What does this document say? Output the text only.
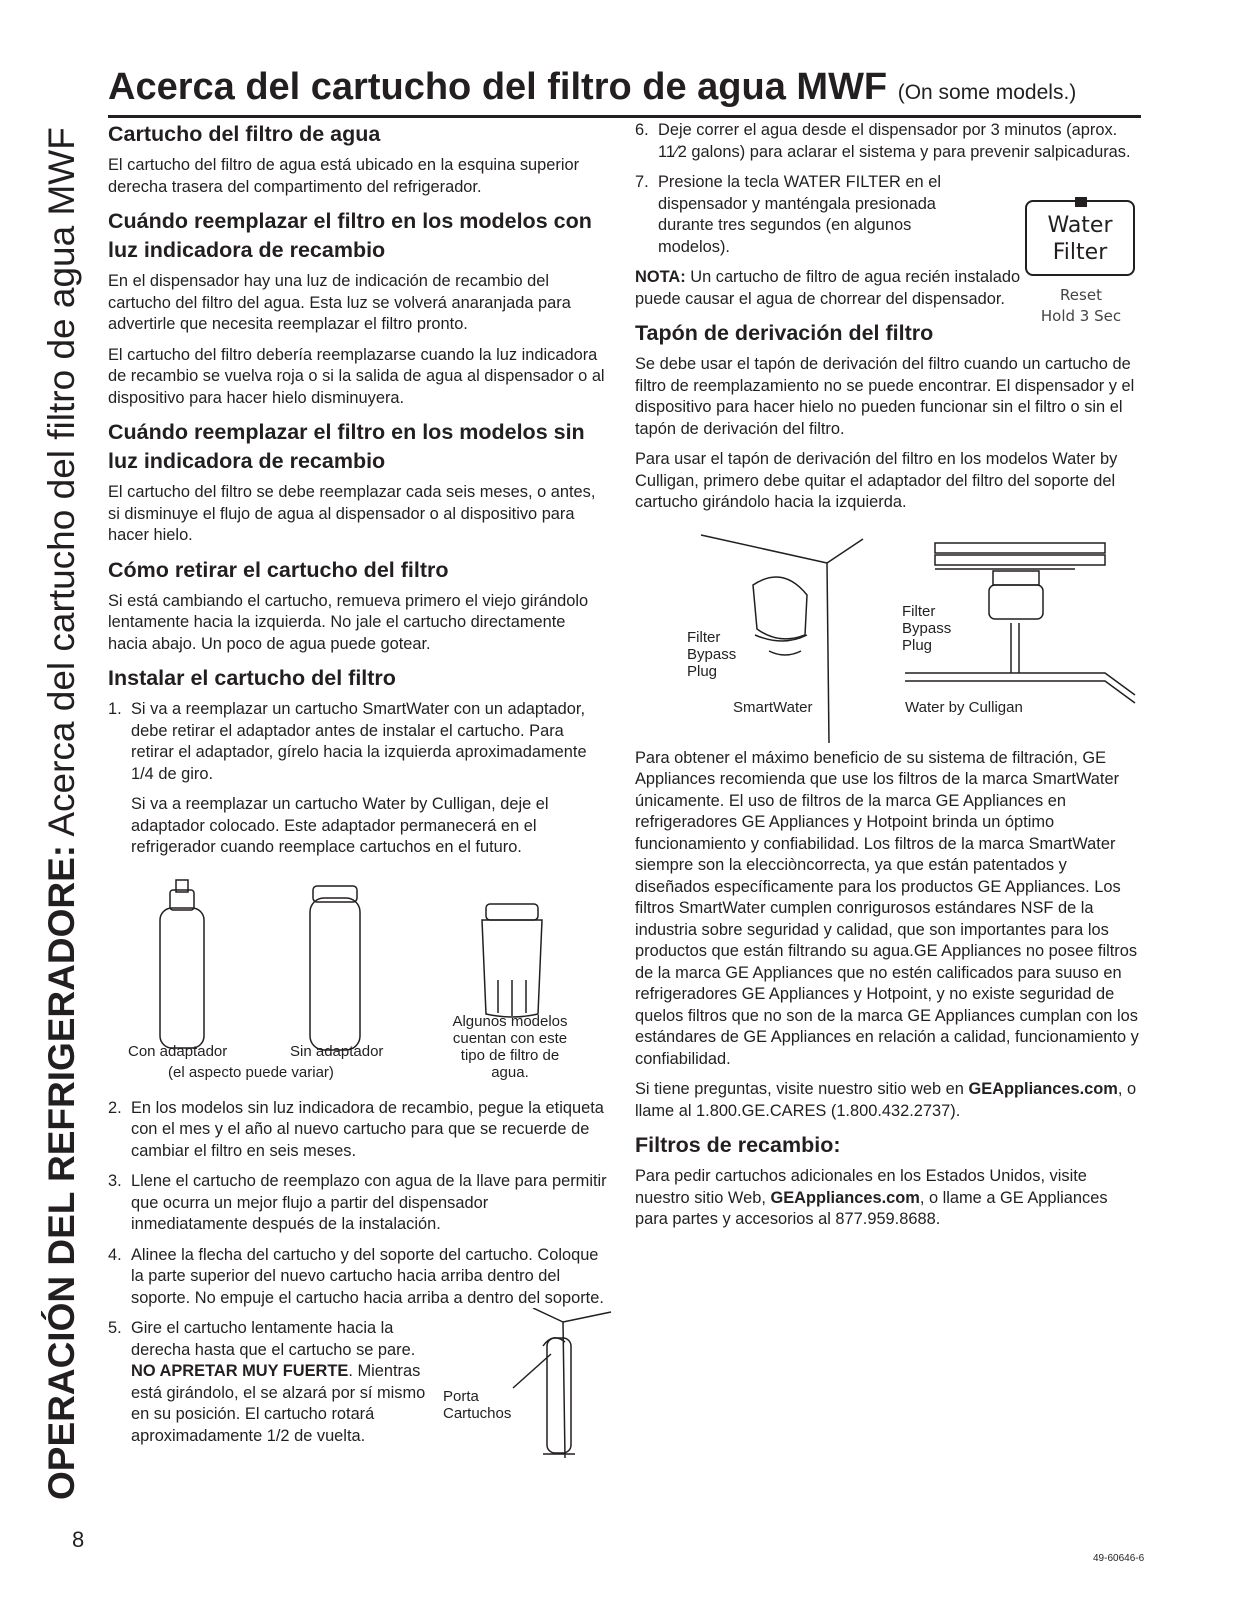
OPERACIÓN DEL REFRIGERADORE: Acerca del cartucho del filtro de agua MWF
8
49-60646-6
Acerca del cartucho del filtro de agua MWF (On some models.)
Cartucho del filtro de agua

El cartucho del filtro de agua está ubicado en la esquina superior derecha trasera del compartimento del refrigerador.

Cuándo reemplazar el filtro en los modelos con luz indicadora de recambio

En el dispensador hay una luz de indicación de recambio del cartucho del filtro del agua. Esta luz se volverá anaranjada para advertirle que necesita reemplazar el filtro pronto.

El cartucho del filtro debería reemplazarse cuando la luz indicadora de recambio se vuelva roja o si la salida de agua al dispensador o al dispositivo para hacer hielo disminuyera.

Cuándo reemplazar el filtro en los modelos sin luz indicadora de recambio

El cartucho del filtro se debe reemplazar cada seis meses, o antes, si disminuye el flujo de agua al dispensador o al dispositivo para hacer hielo.

Cómo retirar el cartucho del filtro

Si está cambiando el cartucho, remueva primero el viejo girándolo lentamente hacia la izquierda. No jale el cartucho directamente hacia abajo. Un poco de agua puede gotear.

Instalar el cartucho del filtro
1. Si va a reemplazar un cartucho SmartWater con un adaptador, debe retirar el adaptador antes de instalar el cartucho. Para retirar el adaptador, gírelo hacia la izquierda aproximadamente 1/4 de giro.

Si va a reemplazar un cartucho Water by Culligan, deje el adaptador colocado. Este adaptador permanecerá en el refrigerador cuando reemplace cartuchos en el futuro.

Con adaptador	Sin adaptador
(el aspecto puede variar)
Algunos modelos cuentan con este tipo de filtro de agua.
2. En los modelos sin luz indicadora de recambio, pegue la etiqueta con el mes y el año al nuevo cartucho para que se recuerde de cambiar el filtro en seis meses.
3. Llene el cartucho de reemplazo con agua de la llave para permitir que ocurra un mejor flujo a partir del dispensador inmediatamente después de la instalación.
4. Alinee la flecha del cartucho y del soporte del cartucho. Coloque la parte superior del nuevo cartucho hacia arriba dentro del soporte. No empuje el cartucho hacia arriba a dentro del soporte.
5. Gire el cartucho lentamente hacia la derecha hasta que el cartucho se pare. NO APRETAR MUY FUERTE. Mientras está girándolo, el se alzará por sí mismo en su posición. El cartucho rotará aproximadamente 1/2 de vuelta.
Porta Cartuchos
6. Deje correr el agua desde el dispensador por 3 minutos (aprox. 11⁄2 galons) para aclarar el sistema y para prevenir salpicaduras.
7. Presione la tecla WATER FILTER en el dispensador y manténgala presionada durante tres segundos (en algunos modelos).

NOTA: Un cartucho de filtro de agua recién instalado puede causar el agua de chorrear del dispensador.

Tapón de derivación del filtro

Se debe usar el tapón de derivación del filtro cuando un cartucho de filtro de reemplazamiento no se puede encontrar. El dispensador y el dispositivo para hacer hielo no pueden funcionar sin el filtro o sin el tapón de derivación del filtro.

Para usar el tapón de derivación del filtro en los modelos Water by Culligan, primero debe quitar el adaptador del filtro del soporte del cartucho girándolo hacia la izquierda.

Filter Bypass Plug
Filter Bypass Plug
SmartWater	Water by Culligan

Para obtener el máximo beneficio de su sistema de filtración, GE Appliances recomienda que use los filtros de la marca SmartWater únicamente. El uso de filtros de la marca GE Appliances en refrigeradores GE Appliances y Hotpoint brinda un óptimo funcionamiento y confiabilidad. Los filtros de la marca SmartWater siempre son la elecciòncorrecta, ya que están patentados y diseñados específicamente para los productos GE Appliances. Los filtros SmartWater cumplen conrigurosos estándares NSF de la industria sobre seguridad y calidad, que son importantes para los productos que están filtrando su agua.GE Appliances no posee filtros de la marca GE Appliances que no estén calificados para suuso en refrigeradores GE Appliances y Hotpoint, y no existe seguridad de quelos filtros que no son de la marca GE Appliances cumplan con los estándares de GE Appliances en relación a calidad, funcionamiento y confiabilidad.

Si tiene preguntas, visite nuestro sitio web en GEAppliances.com, o llame al 1.800.GE.CARES (1.800.432.2737).

Filtros de recambio:

Para pedir cartuchos adicionales en los Estados Unidos, visite nuestro sitio Web, GEAppliances.com, o llame a GE Appliances para partes y accesorios al 877.959.8688.

Water
Filter
Reset
Hold 3 Sec
